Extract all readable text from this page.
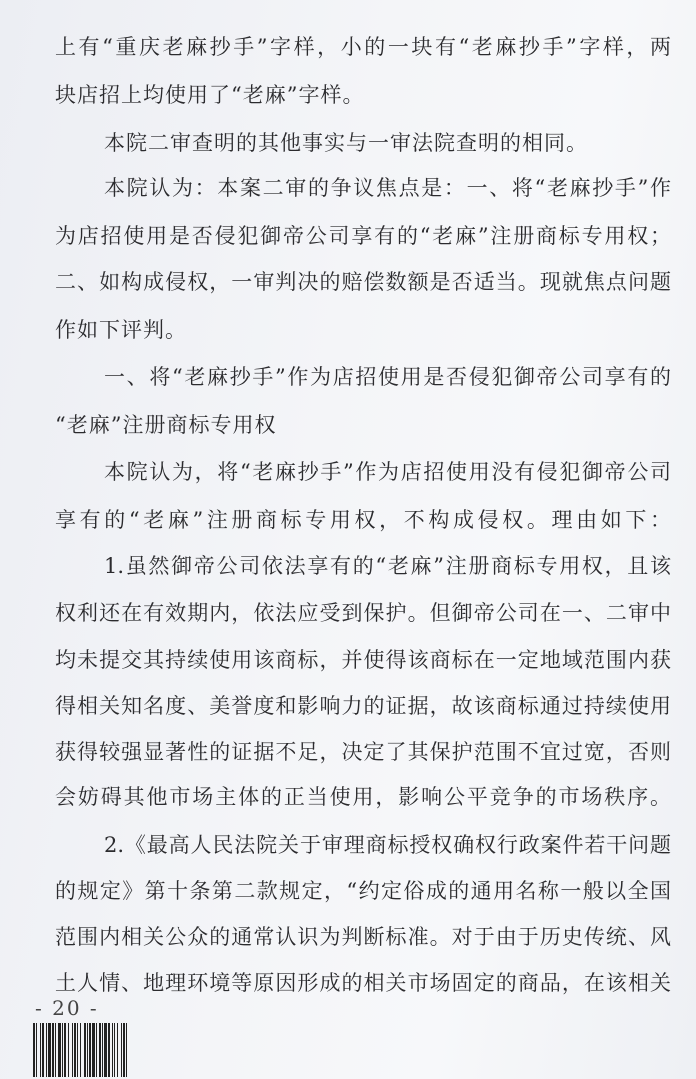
上有“重庆老麻抄手”字样，小的一块有“老麻抄手”字样，两
块店招上均使用了“老麻”字样。
本院二审查明的其他事实与一审法院查明的相同。
本院认为：本案二审的争议焦点是：一、将“老麻抄手”作
为店招使用是否侵犯御帝公司享有的“老麻”注册商标专用权；
二、如构成侵权，一审判决的赔偿数额是否适当。现就焦点问题
作如下评判。
一、将“老麻抄手”作为店招使用是否侵犯御帝公司享有的
“老麻”注册商标专用权
本院认为，将“老麻抄手”作为店招使用没有侵犯御帝公司
享有的“老麻”注册商标专用权，不构成侵权。理由如下：
1.虽然御帝公司依法享有的“老麻”注册商标专用权，且该
权利还在有效期内，依法应受到保护。但御帝公司在一、二审中
均未提交其持续使用该商标，并使得该商标在一定地域范围内获
得相关知名度、美誉度和影响力的证据，故该商标通过持续使用
获得较强显著性的证据不足，决定了其保护范围不宜过宽，否则
会妨碍其他市场主体的正当使用，影响公平竞争的市场秩序。
2.《最高人民法院关于审理商标授权确权行政案件若干问题
的规定》第十条第二款规定，“约定俗成的通用名称一般以全国
范围内相关公众的通常认识为判断标准。对于由于历史传统、风
土人情、地理环境等原因形成的相关市场固定的商品，在该相关
- 20 -
